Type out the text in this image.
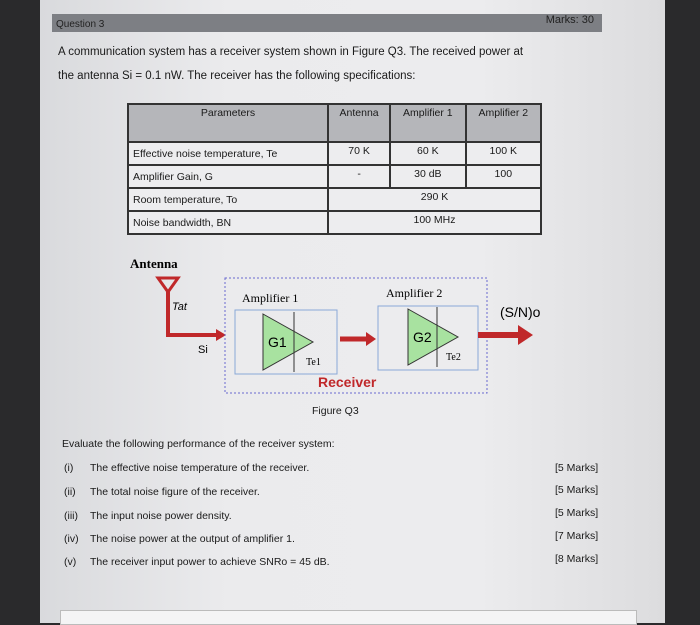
Question 3	Marks: 30
A communication system has a receiver system shown in Figure Q3. The received power at
the antenna Si = 0.1 nW. The receiver has the following specifications:
Parameters	Antenna	Amplifier 1	Amplifier 2
Effective noise temperature, Te	70 K	60 K	100 K
Amplifier Gain, G	-	30 dB	100
Room temperature, To	290 K		
Noise bandwidth, BN	100 MHz		
Antenna
Tat
Si
Amplifier 1	Amplifier 2
G1	G2
Te1	Te2
(S/N)o
Receiver
Figure Q3
Evaluate the following performance of the receiver system:
(i) The effective noise temperature of the receiver.	[5 Marks]
(ii) The total noise figure of the receiver.	[5 Marks]
(iii) The input noise power density.	[5 Marks]
(iv) The noise power at the output of amplifier 1.	[7 Marks]
(v) The receiver input power to achieve SNRo = 45 dB.	[8 Marks]
